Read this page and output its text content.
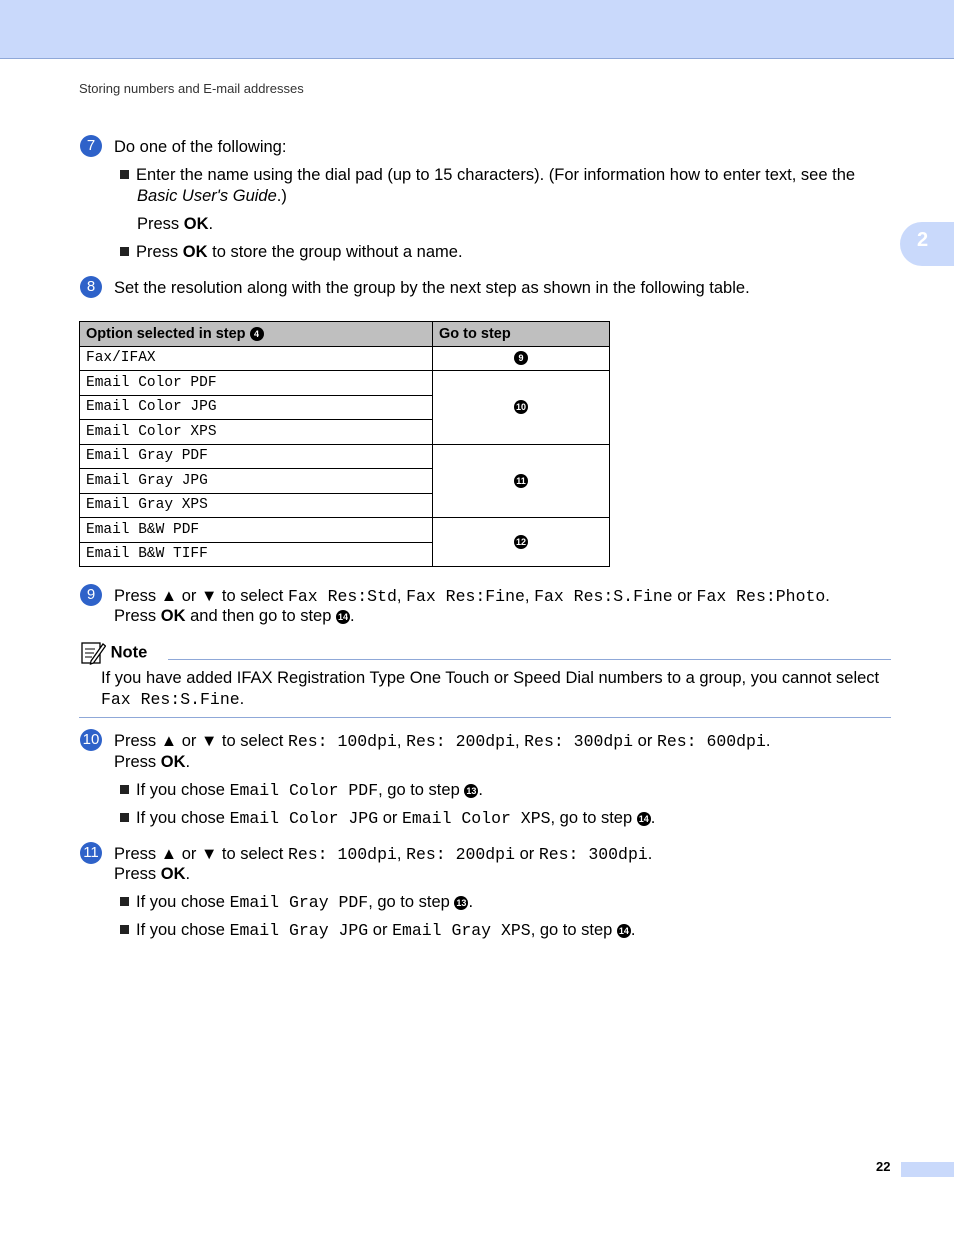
Storing numbers and E-mail addresses
2
7	Do one of the following:
Enter the name using the dial pad (up to 15 characters). (For information how to enter text, see the
Basic User's Guide.)
Press OK.
Press OK to store the group without a name.
8	Set the resolution along with the group by the next step as shown in the following table.
Option selected in step 4	Go to step
Fax/IFAX	9
Email Color PDF	10
Email Color JPG	
Email Color XPS	
Email Gray PDF	11
Email Gray JPG	
Email Gray XPS	
Email B&W PDF	12
Email B&W TIFF	
9	Press ▲ or ▼ to select Fax Res:Std, Fax Res:Fine, Fax Res:S.Fine or Fax Res:Photo.
Press OK and then go to step 14 .
Note
If you have added IFAX Registration Type One Touch or Speed Dial numbers to a group, you cannot select
Fax Res:S.Fine.
10 Press ▲ or ▼ to select Res: 100dpi, Res: 200dpi, Res: 300dpi or Res: 600dpi.
Press OK.
If you chose Email Color PDF, go to step 13 .
If you chose Email Color JPG or Email Color XPS, go to step 14 .
11 Press ▲ or ▼ to select Res: 100dpi, Res: 200dpi or Res: 300dpi.
Press OK.
If you chose Email Gray PDF, go to step 13 .
If you chose Email Gray JPG or Email Gray XPS, go to step 14 .
22
